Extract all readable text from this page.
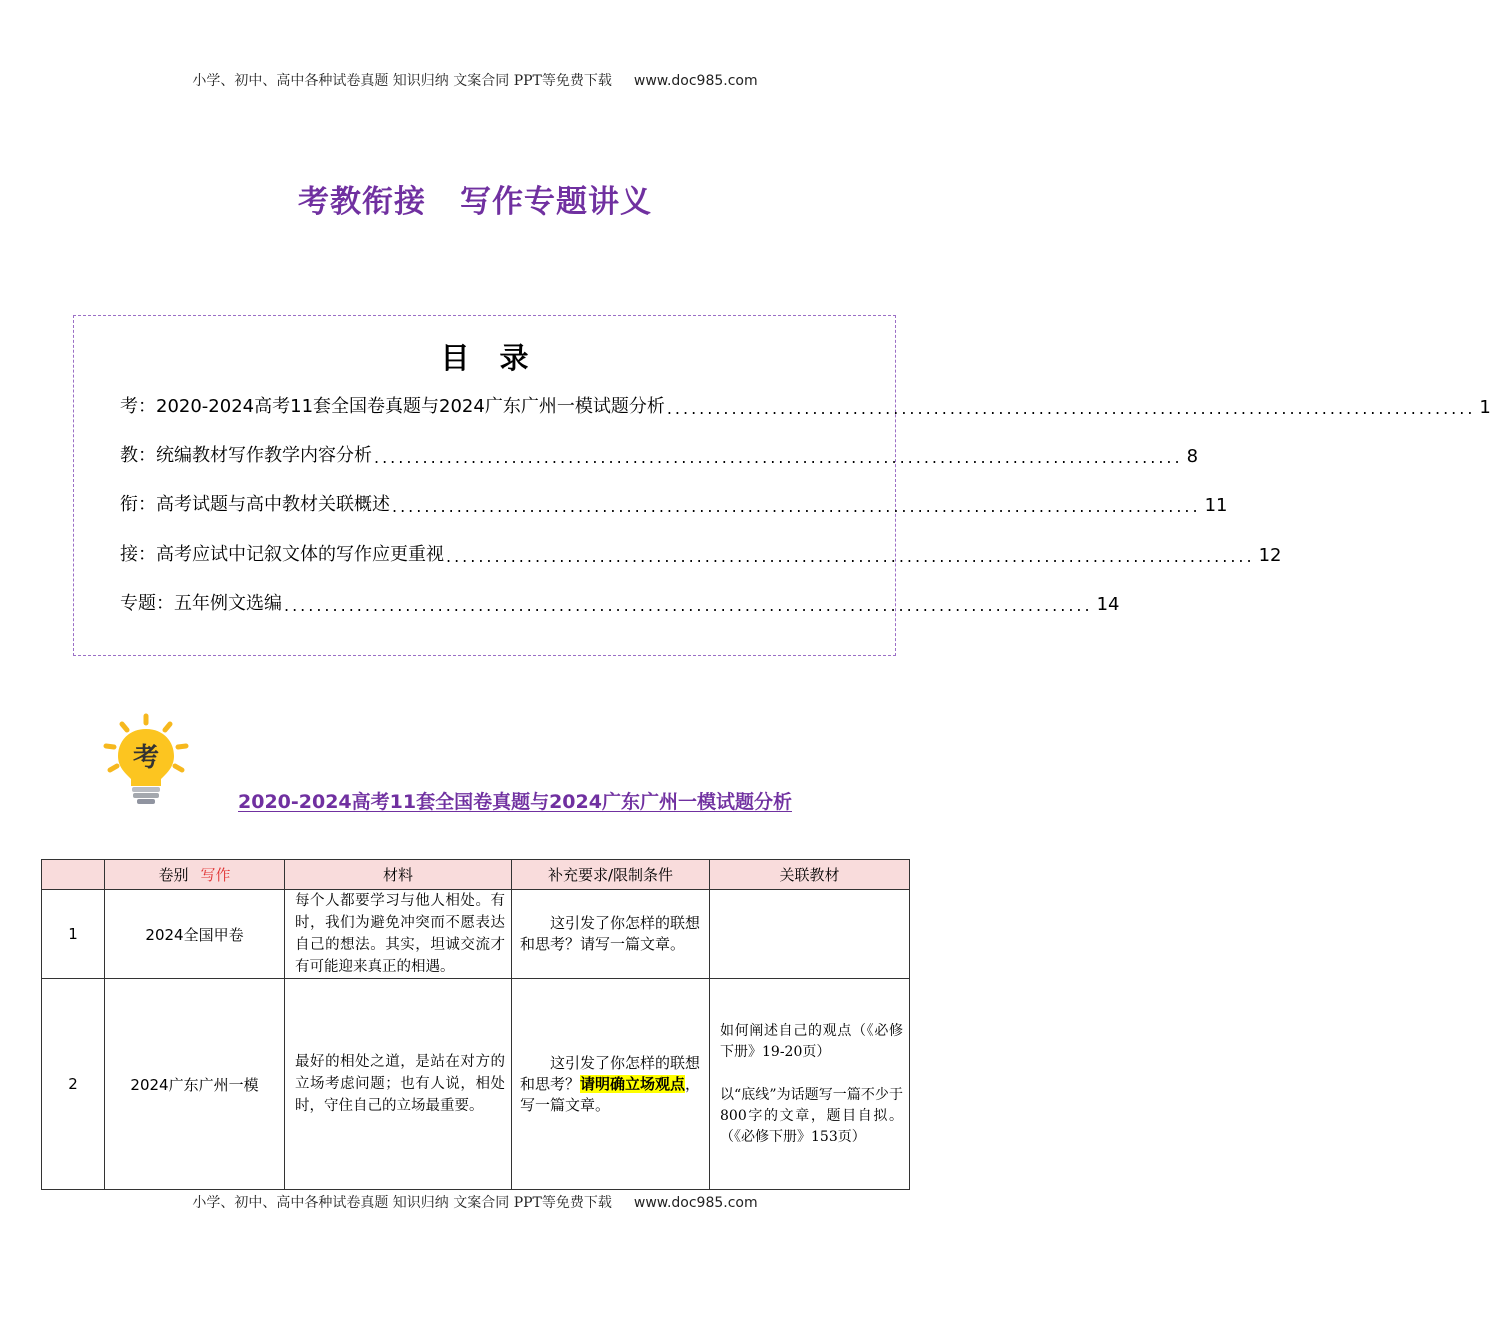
小学、初中、高中各种试卷真题 知识归纳 文案合同 PPT等免费下载 www.doc985.com
考教衔接 写作专题讲义
目录
考：2020-2024高考11套全国卷真题与2024广东广州一模试题分析 .................................................................................................... 1
教：统编教材写作教学内容分析 .................................................................................................... 8
衔：高考试题与高中教材关联概述 .................................................................................................... 11
接：高考应试中记叙文体的写作应更重视 .................................................................................................... 12
专题：五年例文选编 .................................................................................................... 14
考
2020-2024高考11套全国卷真题与2024广东广州一模试题分析
	卷别 写作	材料	补充要求/限制条件	关联教材
1	2024全国甲卷	每个人都要学习与他人相处。有时，我们为避免冲突而不愿表达自己的想法。其实，坦诚交流才有可能迎来真正的相遇。	这引发了你怎样的联想和思考？请写一篇文章。	
2	2024广东广州一模	最好的相处之道，是站在对方的立场考虑问题；也有人说，相处时，守住自己的立场最重要。	这引发了你怎样的联想和思考？请明确立场观点，写一篇文章。	如何阐述自己的观点（《必修下册》19-20页）
以“底线”为话题写一篇不少于800字的文章，题目自拟。（《必修下册》153页）
小学、初中、高中各种试卷真题 知识归纳 文案合同 PPT等免费下载 www.doc985.com
